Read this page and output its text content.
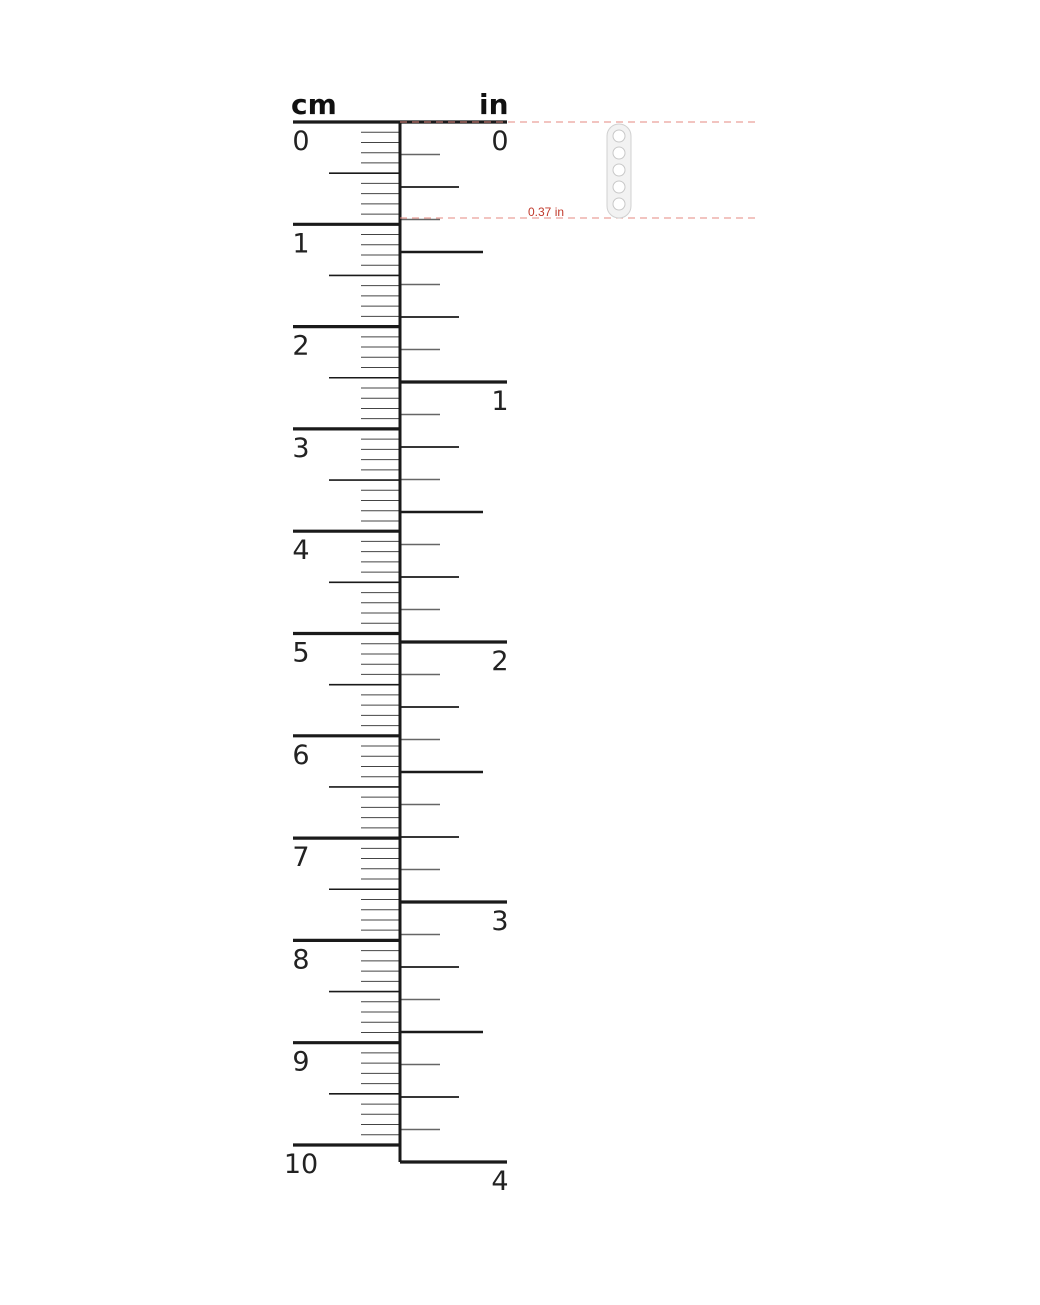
cm	in
0
1
2
3
4
5
6
7
8
9
10
0
1
2
3
4
0.37 in
